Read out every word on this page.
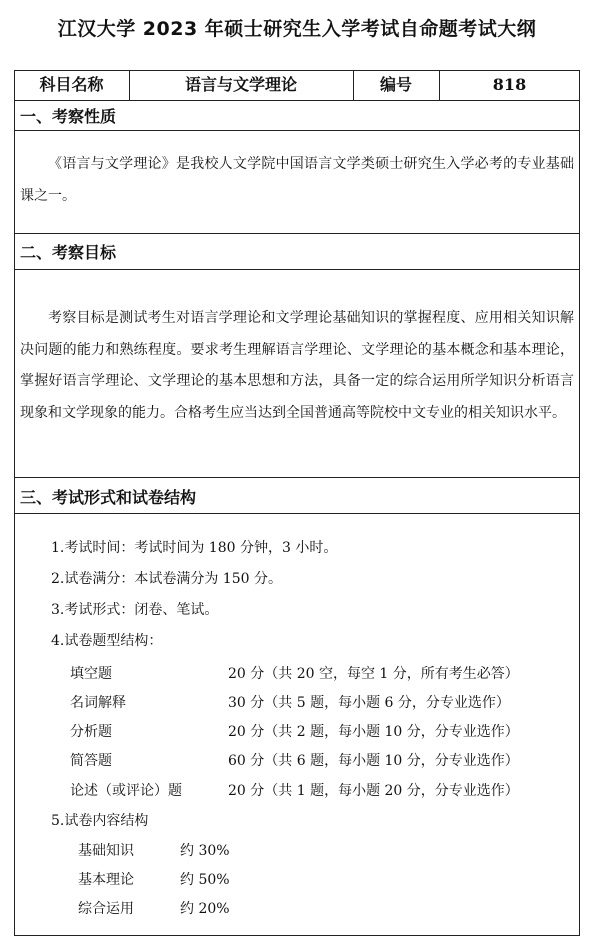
江汉大学 2023 年硕士研究生入学考试自命题考试大纲
科目名称	语言与文学理论	编号	818
一、考察性质
《语言与文学理论》是我校人文学院中国语言文学类硕士研究生入学必考的专业基础课之一。
二、考察目标
考察目标是测试考生对语言学理论和文学理论基础知识的掌握程度、应用相关知识解决问题的能力和熟练程度。要求考生理解语言学理论、文学理论的基本概念和基本理论，掌握好语言学理论、文学理论的基本思想和方法，具备一定的综合运用所学知识分析语言现象和文学现象的能力。合格考生应当达到全国普通高等院校中文专业的相关知识水平。
三、考试形式和试卷结构
1.考试时间：考试时间为 180 分钟，3 小时。
2.试卷满分：本试卷满分为 150 分。
3.考试形式：闭卷、笔试。
4.试卷题型结构：
填空题	20 分（共 20 空，每空 1 分，所有考生必答）
名词解释	30 分（共 5 题，每小题 6 分，分专业选作）
分析题	20 分（共 2 题，每小题 10 分，分专业选作）
简答题	60 分（共 6 题，每小题 10 分，分专业选作）
论述（或评论）题	20 分（共 1 题，每小题 20 分，分专业选作）
5.试卷内容结构
基础知识	约 30%
基本理论	约 50%
综合运用	约 20%
